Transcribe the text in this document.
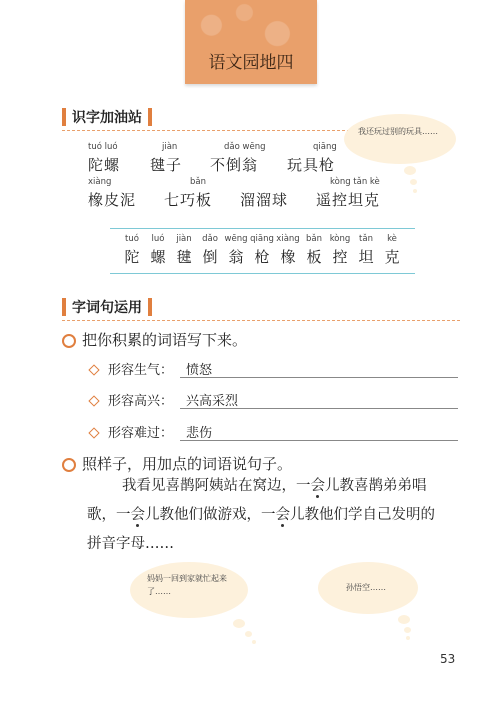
语文园地四
识字加油站
tuó luó
陀螺
jiàn
毽子
dǎo wēng
不倒翁
qiāng
玩具枪
xiàng
橡皮泥
bǎn
七巧板 溜溜球
kòng tǎn kè
遥控坦克
我还玩过别的玩具……
tuó
陀
luó
螺
jiàn
毽
dǎo
倒
wēng
翁
qiāng
枪
xiàng
橡
bǎn
板
kòng
控
tǎn
坦
kè
克
字词句运用
把你积累的词语写下来。
形容生气： 愤怒
形容高兴： 兴高采烈
形容难过： 悲伤
照样子，用加点的词语说句子。
我看见喜鹊阿姨站在窝边，一会儿教喜鹊弟弟唱
歌，一会儿教他们做游戏，一会儿教他们学自己发明的
拼音字母……
妈妈一回到家就忙起来了……	孙悟空……
53
